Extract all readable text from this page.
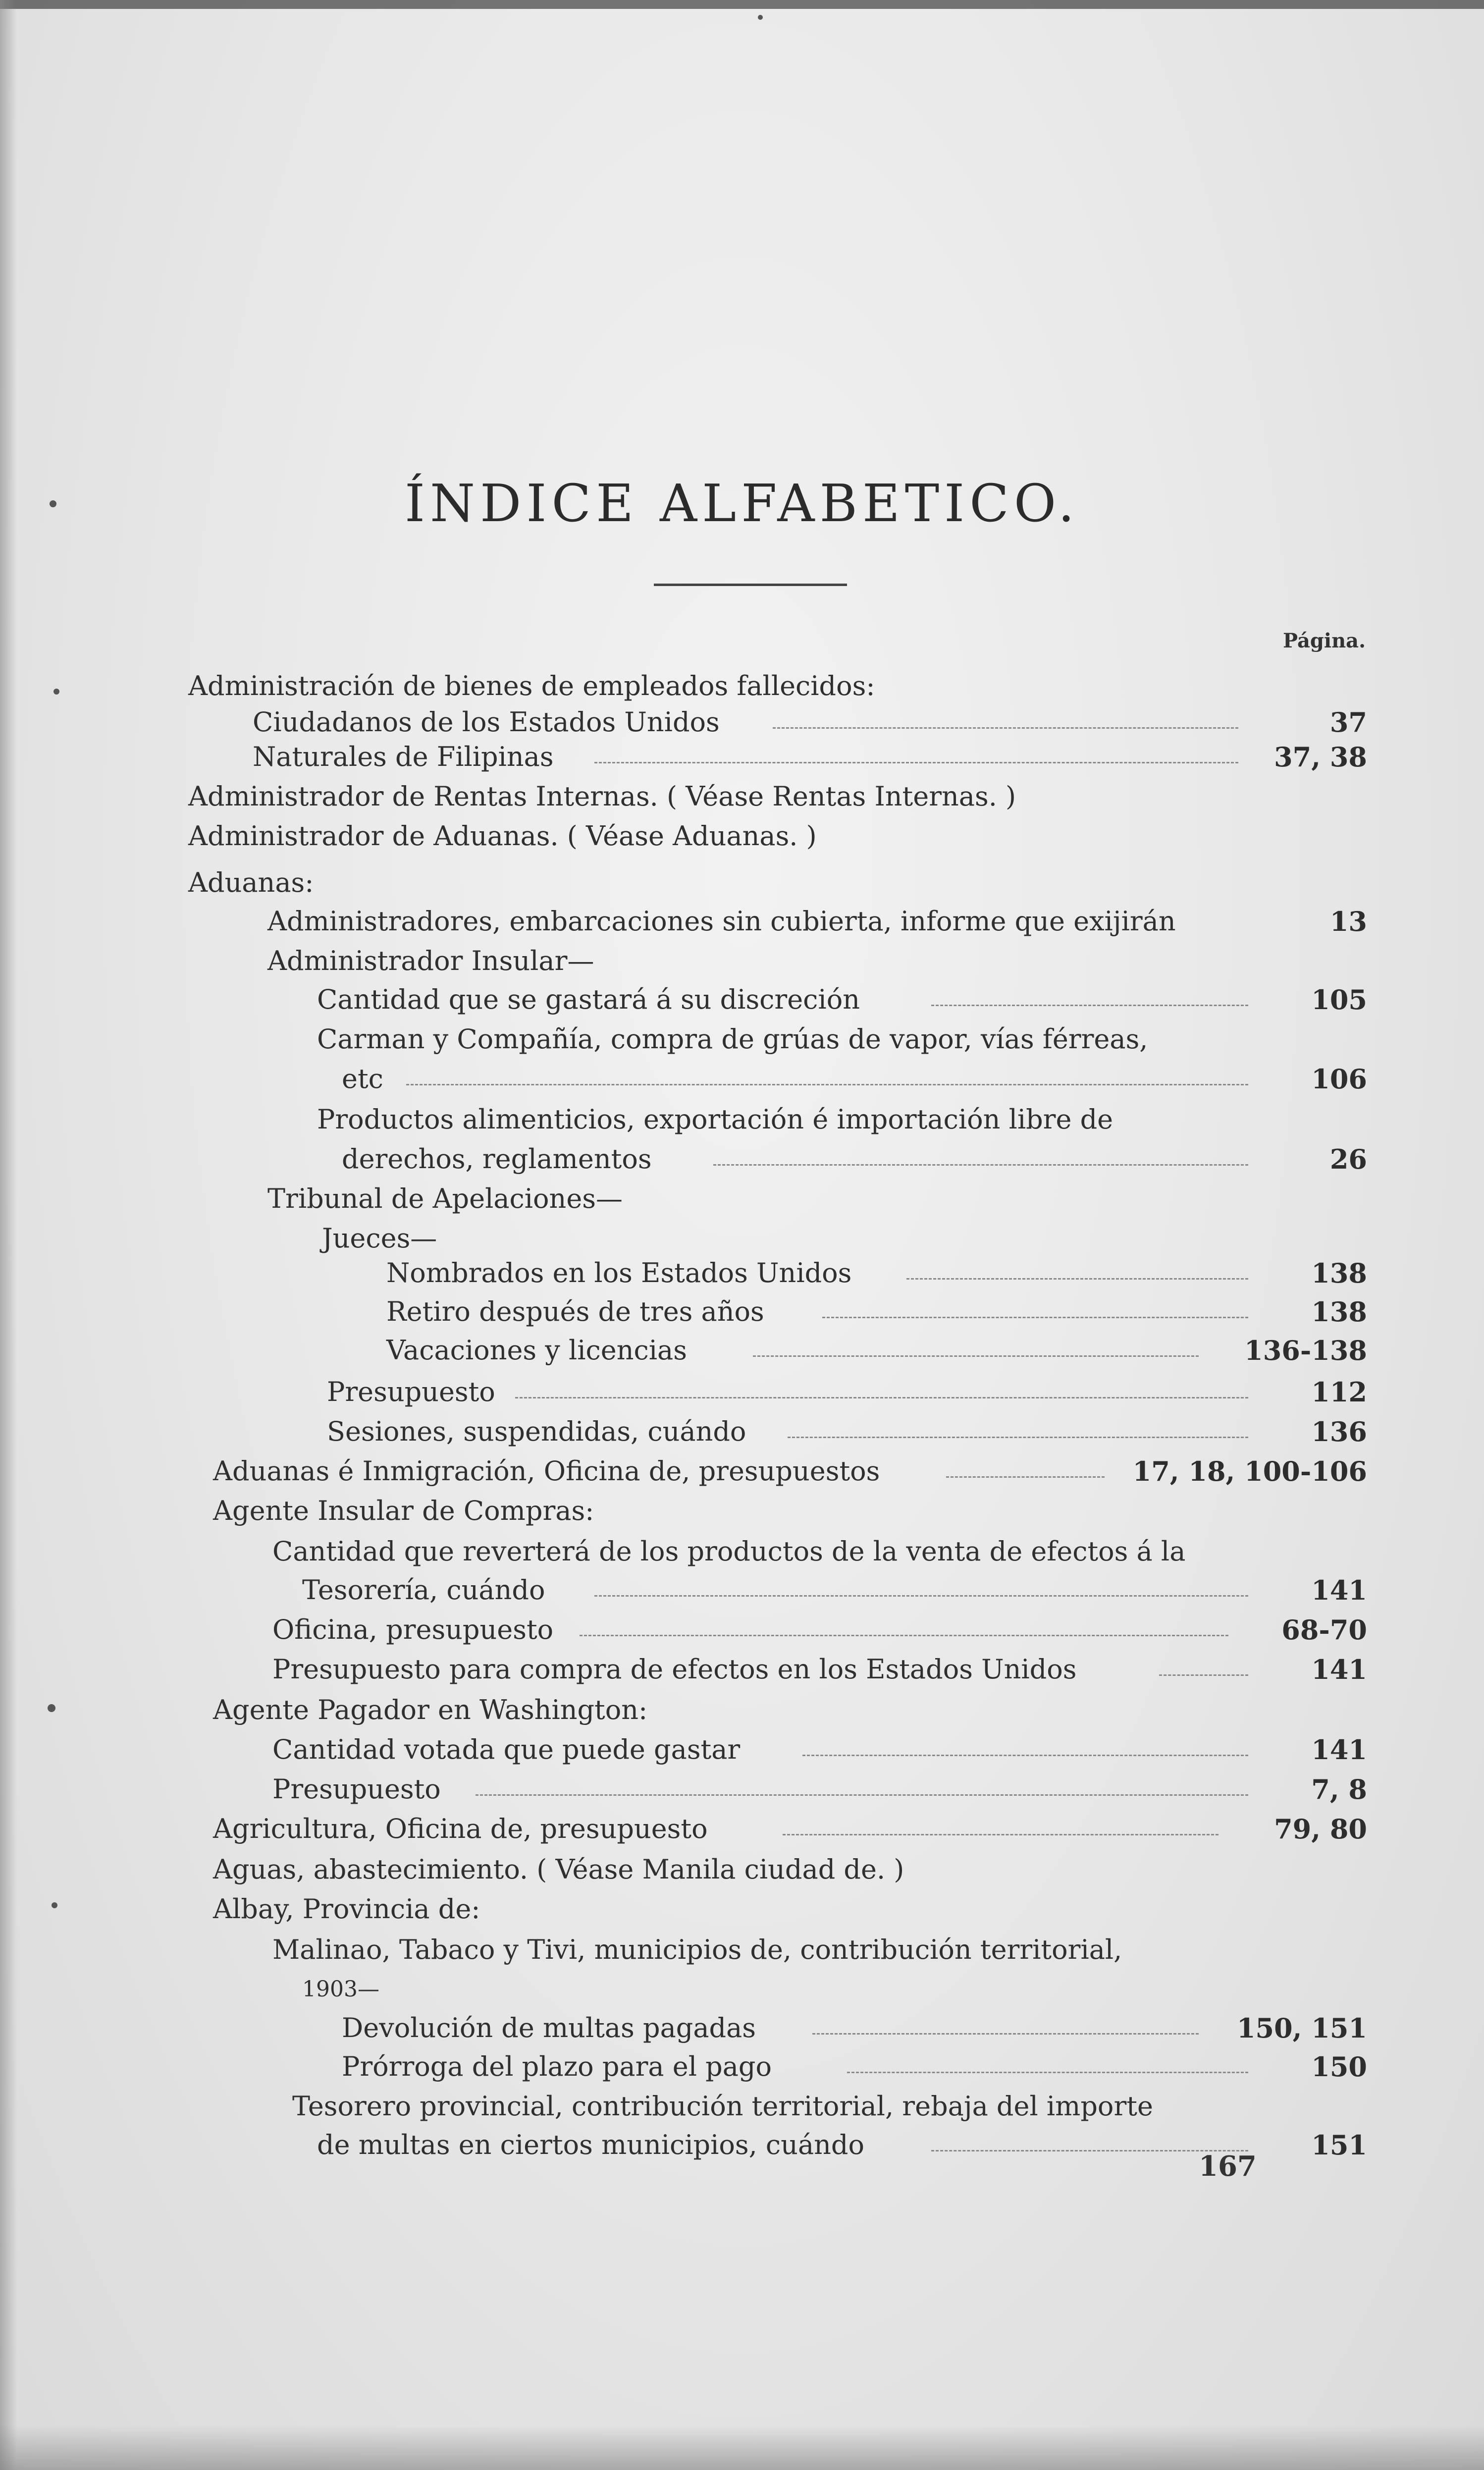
ÍNDICE ALFABETICO.
Página.
Administración de bienes de empleados fallecidos:
Ciudadanos de los Estados Unidos	37
Naturales de Filipinas	37, 38
Administrador de Rentas Internas. ( Véase Rentas Internas. )
Administrador de Aduanas. ( Véase Aduanas. )
Aduanas:
Administradores, embarcaciones sin cubierta, informe que exijirán	13
Administrador Insular—
Cantidad que se gastará á su discreción	105
Carman y Compañía, compra de grúas de vapor, vías férreas,
etc	106
Productos alimenticios, exportación é importación libre de
derechos, reglamentos	26
Tribunal de Apelaciones—
Jueces—
Nombrados en los Estados Unidos	138
Retiro después de tres años	138
Vacaciones y licencias	136-138
Presupuesto	112
Sesiones, suspendidas, cuándo	136
Aduanas é Inmigración, Oficina de, presupuestos	17, 18, 100-106
Agente Insular de Compras:
Cantidad que reverterá de los productos de la venta de efectos á la
Tesorería, cuándo	141
Oficina, presupuesto	68-70
Presupuesto para compra de efectos en los Estados Unidos	141
Agente Pagador en Washington:
Cantidad votada que puede gastar	141
Presupuesto	7, 8
Agricultura, Oficina de, presupuesto	79, 80
Aguas, abastecimiento. ( Véase Manila ciudad de. )
Albay, Provincia de:
Malinao, Tabaco y Tivi, municipios de, contribución territorial,
1903—
Devolución de multas pagadas	150, 151
Prórroga del plazo para el pago	150
Tesorero provincial, contribución territorial, rebaja del importe
de multas en ciertos municipios, cuándo	151
167
